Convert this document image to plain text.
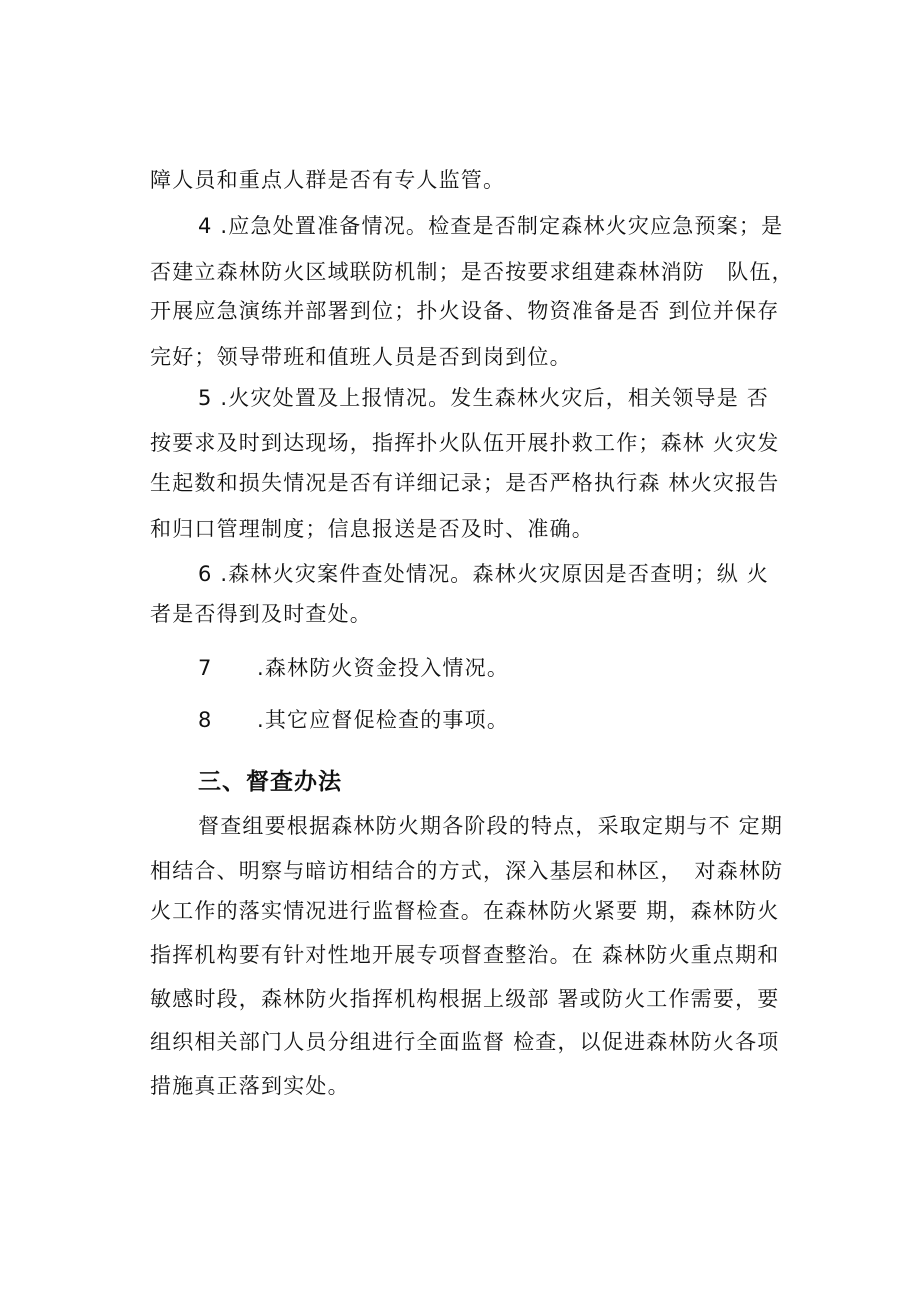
障人员和重点人群是否有专人监管。
4 .应急处置准备情况。检查是否制定森林火灾应急预案；是
否建立森林防火区域联防机制；是否按要求组建森林消防　队伍，
开展应急演练并部署到位；扑火设备、物资准备是否 到位并保存
完好；领导带班和值班人员是否到岗到位。
5 .火灾处置及上报情况。发生森林火灾后，相关领导是 否
按要求及时到达现场，指挥扑火队伍开展扑救工作；森林 火灾发
生起数和损失情况是否有详细记录；是否严格执行森 林火灾报告
和归口管理制度；信息报送是否及时、准确。
6 .森林火灾案件查处情况。森林火灾原因是否查明；纵 火
者是否得到及时查处。
7　　.森林防火资金投入情况。
8　　.其它应督促检查的事项。
三、督查办法
督查组要根据森林防火期各阶段的特点，采取定期与不 定期
相结合、明察与暗访相结合的方式，深入基层和林区，　对森林防
火工作的落实情况进行监督检查。在森林防火紧要 期，森林防火
指挥机构要有针对性地开展专项督查整治。在 森林防火重点期和
敏感时段，森林防火指挥机构根据上级部 署或防火工作需要，要
组织相关部门人员分组进行全面监督 检查，以促进森林防火各项
措施真正落到实处。
